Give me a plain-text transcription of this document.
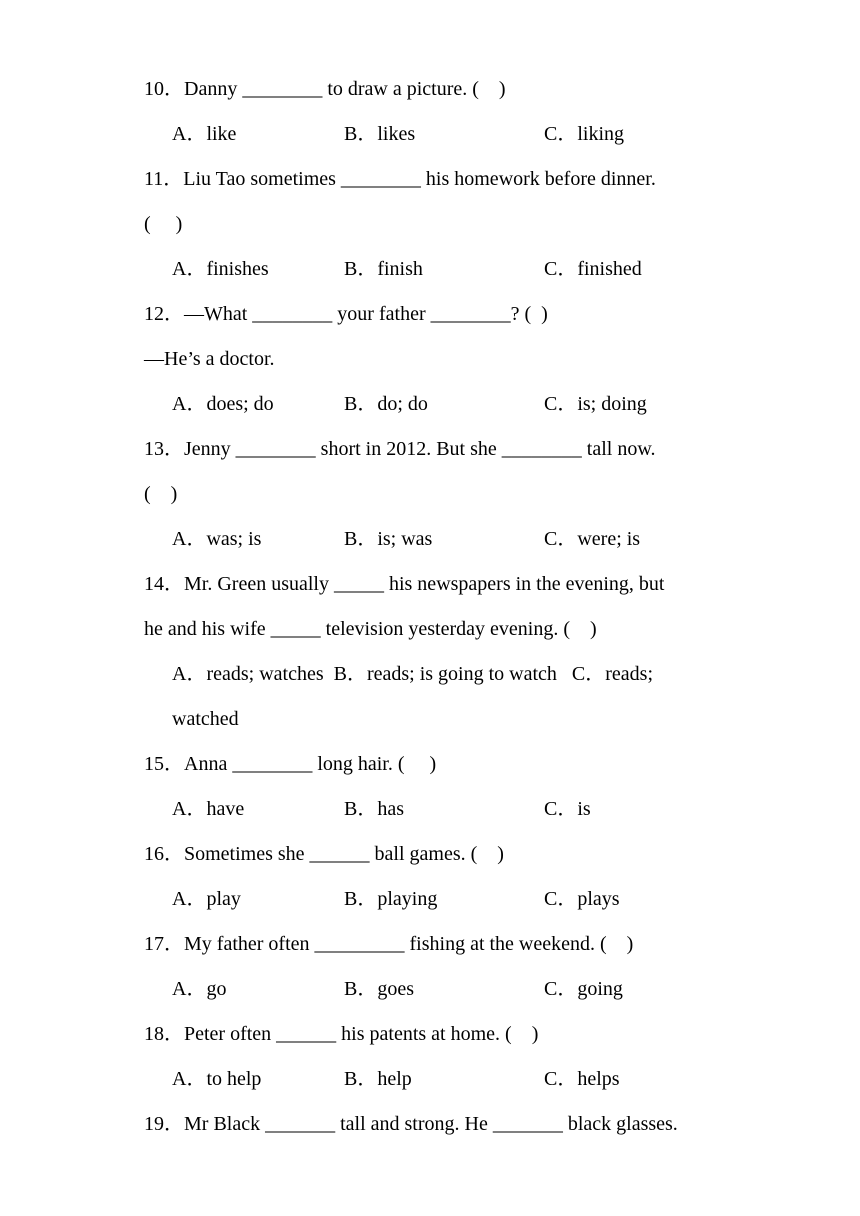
10．Danny ________ to draw a picture. (    )
A．like	B．likes	C．liking
11．Liu Tao sometimes ________ his homework before dinner.
(     )
A．finishes	B．finish	C．finished
12．—What ________ your father ________? (  )
—He’s a doctor.
A．does; do	B．do; do	C．is; doing
13．Jenny ________ short in 2012. But she ________ tall now.
(    )
A．was; is	B．is; was	C．were; is
14．Mr. Green usually _____ his newspapers in the evening, but
he and his wife _____ television yesterday evening. (    )
A．reads; watches  B．reads; is going to watch   C．reads;
watched
15．Anna ________ long hair. (     )
A．have	B．has	C．is
16．Sometimes she ______ ball games. (    )
A．play	B．playing	C．plays
17．My father often _________ fishing at the weekend. (    )
A．go	B．goes	C．going
18．Peter often ______ his patents at home. (    )
A．to help	B．help	C．helps
19．Mr Black _______ tall and strong. He _______ black glasses.
